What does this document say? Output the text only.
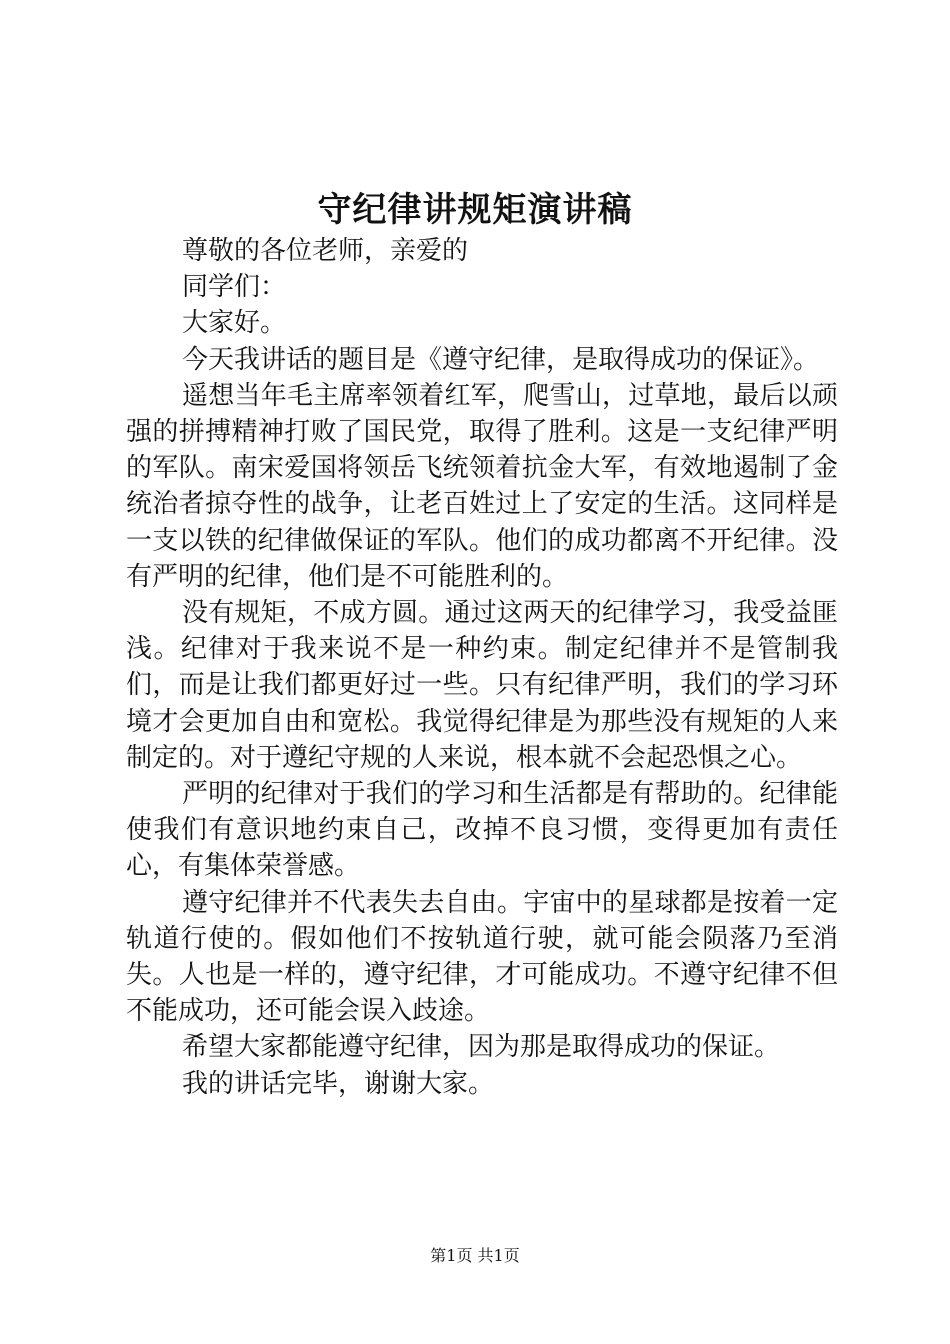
守纪律讲规矩演讲稿

尊敬的各位老师，亲爱的

同学们：

大家好。

今天我讲话的题目是《遵守纪律，是取得成功的保证》。

遥想当年毛主席率领着红军，爬雪山，过草地，最后以顽强的拼搏精神打败了国民党，取得了胜利。这是一支纪律严明的军队。南宋爱国将领岳飞统领着抗金大军，有效地遏制了金统治者掠夺性的战争，让老百姓过上了安定的生活。这同样是一支以铁的纪律做保证的军队。他们的成功都离不开纪律。没有严明的纪律，他们是不可能胜利的。

没有规矩，不成方圆。通过这两天的纪律学习，我受益匪浅。纪律对于我来说不是一种约束。制定纪律并不是管制我们，而是让我们都更好过一些。只有纪律严明，我们的学习环境才会更加自由和宽松。我觉得纪律是为那些没有规矩的人来制定的。对于遵纪守规的人来说，根本就不会起恐惧之心。

严明的纪律对于我们的学习和生活都是有帮助的。纪律能使我们有意识地约束自己，改掉不良习惯，变得更加有责任心，有集体荣誉感。

遵守纪律并不代表失去自由。宇宙中的星球都是按着一定轨道行使的。假如他们不按轨道行驶，就可能会陨落乃至消失。人也是一样的，遵守纪律，才可能成功。不遵守纪律不但不能成功，还可能会误入歧途。

希望大家都能遵守纪律，因为那是取得成功的保证。

我的讲话完毕，谢谢大家。

第1页 共1页
